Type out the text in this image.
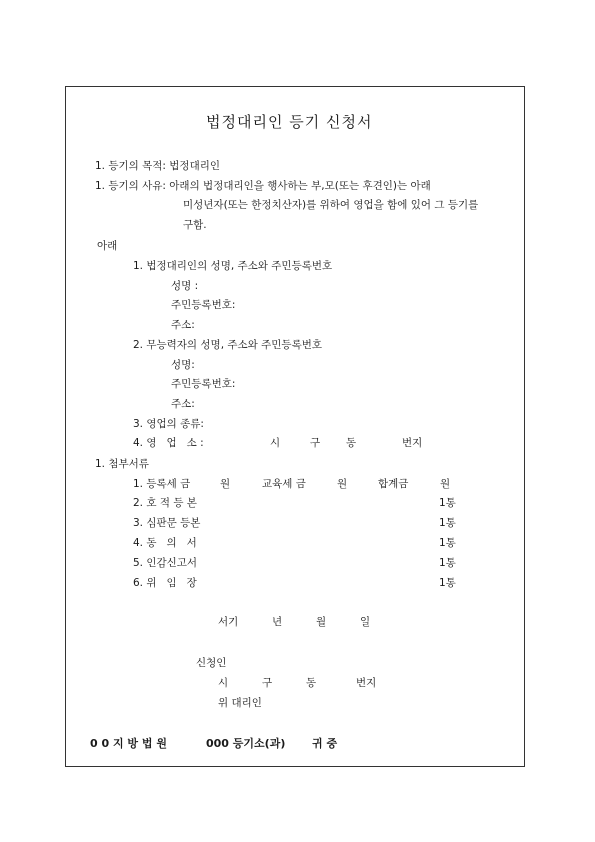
법정대리인 등기 신청서
1. 등기의 목적: 법정대리인
1. 등기의 사유: 아래의 법정대리인을 행사하는 부,모(또는 후견인)는 아래
미성년자(또는 한정치산자)를 위하여 영업을 함에 있어 그 등기를
구함.
아래
1. 법정대리인의 성명, 주소와 주민등록번호
성명 :
주민등록번호:
주소:
2. 무능력자의 성명, 주소와 주민등록번호
성명:
주민등록번호:
주소:
3. 영업의 종류:
4. 영   업   소 :	시	구 동	번지
1. 첨부서류
1. 등록세 금	원	교육세 금	원	합계금	원
2. 호 적 등 본	1통
3. 심판문 등본	1통
4. 동   의   서	1통
5. 인감신고서	1통
6. 위   임   장	1통
서기	년	월	일
신청인
시	구	동	번지
위 대리인
0 0 지 방 법 원	000 등기소(과) 귀 중
